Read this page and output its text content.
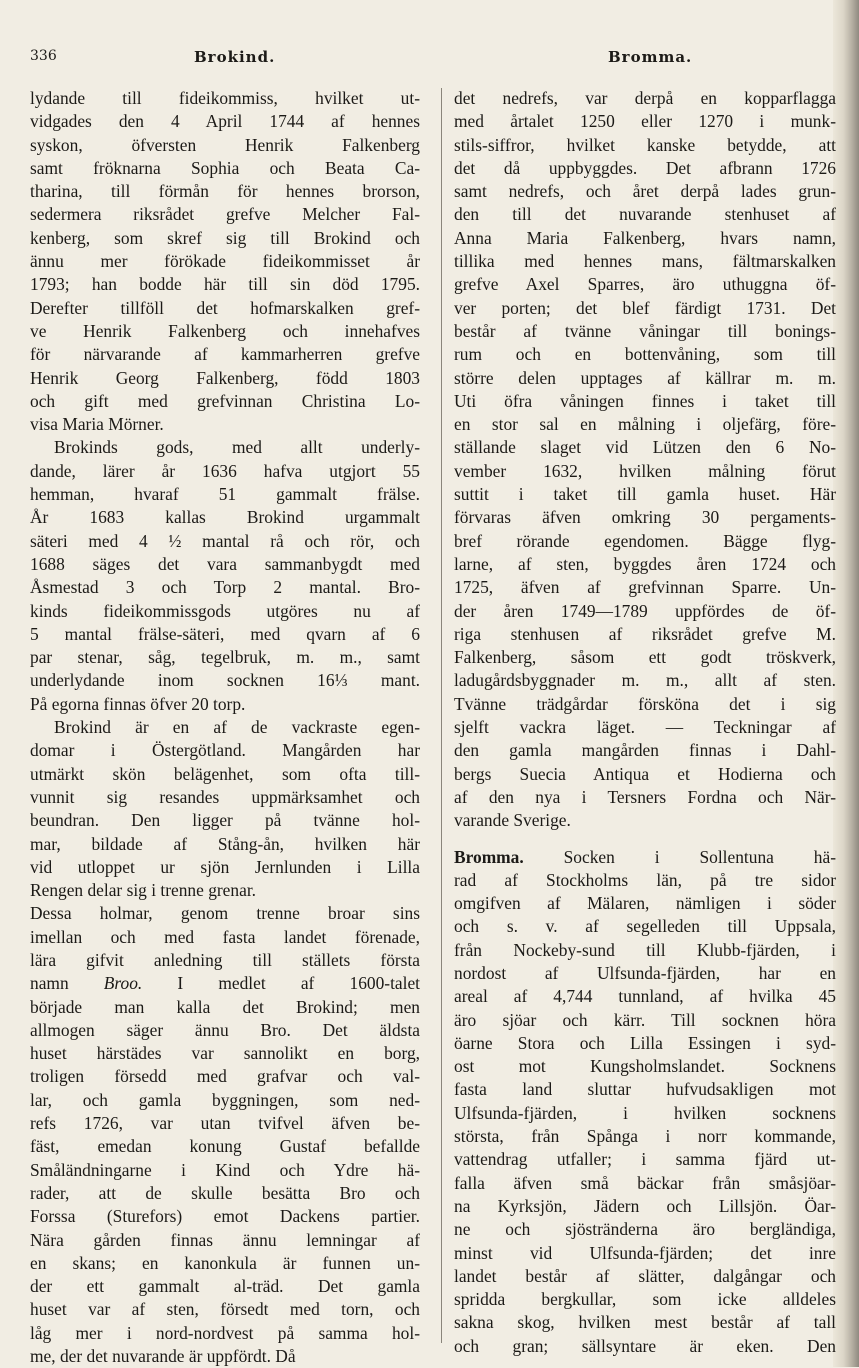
336	Brokind.	Bromma.
lydande till fideikommiss, hvilket ut-
vidgades den 4 April 1744 af hennes
syskon, öfversten Henrik Falkenberg
samt fröknarna Sophia och Beata Ca-
tharina, till förmån för hennes brorson,
sedermera riksrådet grefve Melcher Fal-
kenberg, som skref sig till Brokind och
ännu mer förökade fideikommisset år
1793; han bodde här till sin död 1795.
Derefter tillföll det hofmarskalken gref-
ve Henrik Falkenberg och innehafves
för närvarande af kammarherren grefve
Henrik Georg Falkenberg, född 1803
och gift med grefvinnan Christina Lo-
visa Maria Mörner.
Brokinds gods, med allt underly-
dande, lärer år 1636 hafva utgjort 55
hemman, hvaraf 51 gammalt frälse.
År 1683 kallas Brokind urgammalt
säteri med 4 ½ mantal rå och rör, och
1688 säges det vara sammanbygdt med
Åsmestad 3 och Torp 2 mantal. Bro-
kinds fideikommissgods utgöres nu af
5 mantal frälse-säteri, med qvarn af 6
par stenar, såg, tegelbruk, m. m., samt
underlydande inom socknen 16⅓ mant.
På egorna finnas öfver 20 torp.
Brokind är en af de vackraste egen-
domar i Östergötland. Mangården har
utmärkt skön belägenhet, som ofta till-
vunnit sig resandes uppmärksamhet och
beundran. Den ligger på tvänne hol-
mar, bildade af Stång-ån, hvilken här
vid utloppet ur sjön Jernlunden i Lilla
Rengen delar sig i trenne grenar.
Dessa holmar, genom trenne broar sins
imellan och med fasta landet förenade,
lära gifvit anledning till ställets första
namn Broo. I medlet af 1600-talet
började man kalla det Brokind; men
allmogen säger ännu Bro. Det äldsta
huset härstädes var sannolikt en borg,
troligen försedd med grafvar och val-
lar, och gamla byggningen, som ned-
refs 1726, var utan tvifvel äfven be-
fäst, emedan konung Gustaf befallde
Småländningarne i Kind och Ydre hä-
rader, att de skulle besätta Bro och
Forssa (Sturefors) emot Dackens partier.
Nära gården finnas ännu lemningar af
en skans; en kanonkula är funnen un-
der ett gammalt al-träd. Det gamla
huset var af sten, försedt med torn, och
låg mer i nord-nordvest på samma hol-
me, der det nuvarande är uppfördt. Då
det nedrefs, var derpå en kopparflagga
med årtalet 1250 eller 1270 i munk-
stils-siffror, hvilket kanske betydde, att
det då uppbyggdes. Det afbrann 1726
samt nedrefs, och året derpå lades grun-
den till det nuvarande stenhuset af
Anna Maria Falkenberg, hvars namn,
tillika med hennes mans, fältmarskalken
grefve Axel Sparres, äro uthuggna öf-
ver porten; det blef färdigt 1731. Det
består af tvänne våningar till bonings-
rum och en bottenvåning, som till
större delen upptages af källrar m. m.
Uti öfra våningen finnes i taket till
en stor sal en målning i oljefärg, före-
ställande slaget vid Lützen den 6 No-
vember 1632, hvilken målning förut
suttit i taket till gamla huset. Här
förvaras äfven omkring 30 pergaments-
bref rörande egendomen. Bägge flyg-
larne, af sten, byggdes åren 1724 och
1725, äfven af grefvinnan Sparre. Un-
der åren 1749—1789 uppfördes de öf-
riga stenhusen af riksrådet grefve M.
Falkenberg, såsom ett godt tröskverk,
ladugårdsbyggnader m. m., allt af sten.
Tvänne trädgårdar försköna det i sig
sjelft vackra läget. — Teckningar af
den gamla mangården finnas i Dahl-
bergs Suecia Antiqua et Hodierna och
af den nya i Tersners Fordna och När-
varande Sverige.
Bromma. Socken i Sollentuna hä-
rad af Stockholms län, på tre sidor
omgifven af Mälaren, nämligen i söder
och s. v. af segelleden till Uppsala,
från Nockeby-sund till Klubb-fjärden, i
nordost af Ulfsunda-fjärden, har en
areal af 4,744 tunnland, af hvilka 45
äro sjöar och kärr. Till socknen höra
öarne Stora och Lilla Essingen i syd-
ost mot Kungsholmslandet. Socknens
fasta land sluttar hufvudsakligen mot
Ulfsunda-fjärden, i hvilken socknens
största, från Spånga i norr kommande,
vattendrag utfaller; i samma fjärd ut-
falla äfven små bäckar från småsjöar-
na Kyrksjön, Jädern och Lillsjön. Öar-
ne och sjöstränderna äro bergländiga,
minst vid Ulfsunda-fjärden; det inre
landet består af slätter, dalgångar och
spridda bergkullar, som icke alldeles
sakna skog, hvilken mest består af tall
och gran; sällsyntare är eken. Den
